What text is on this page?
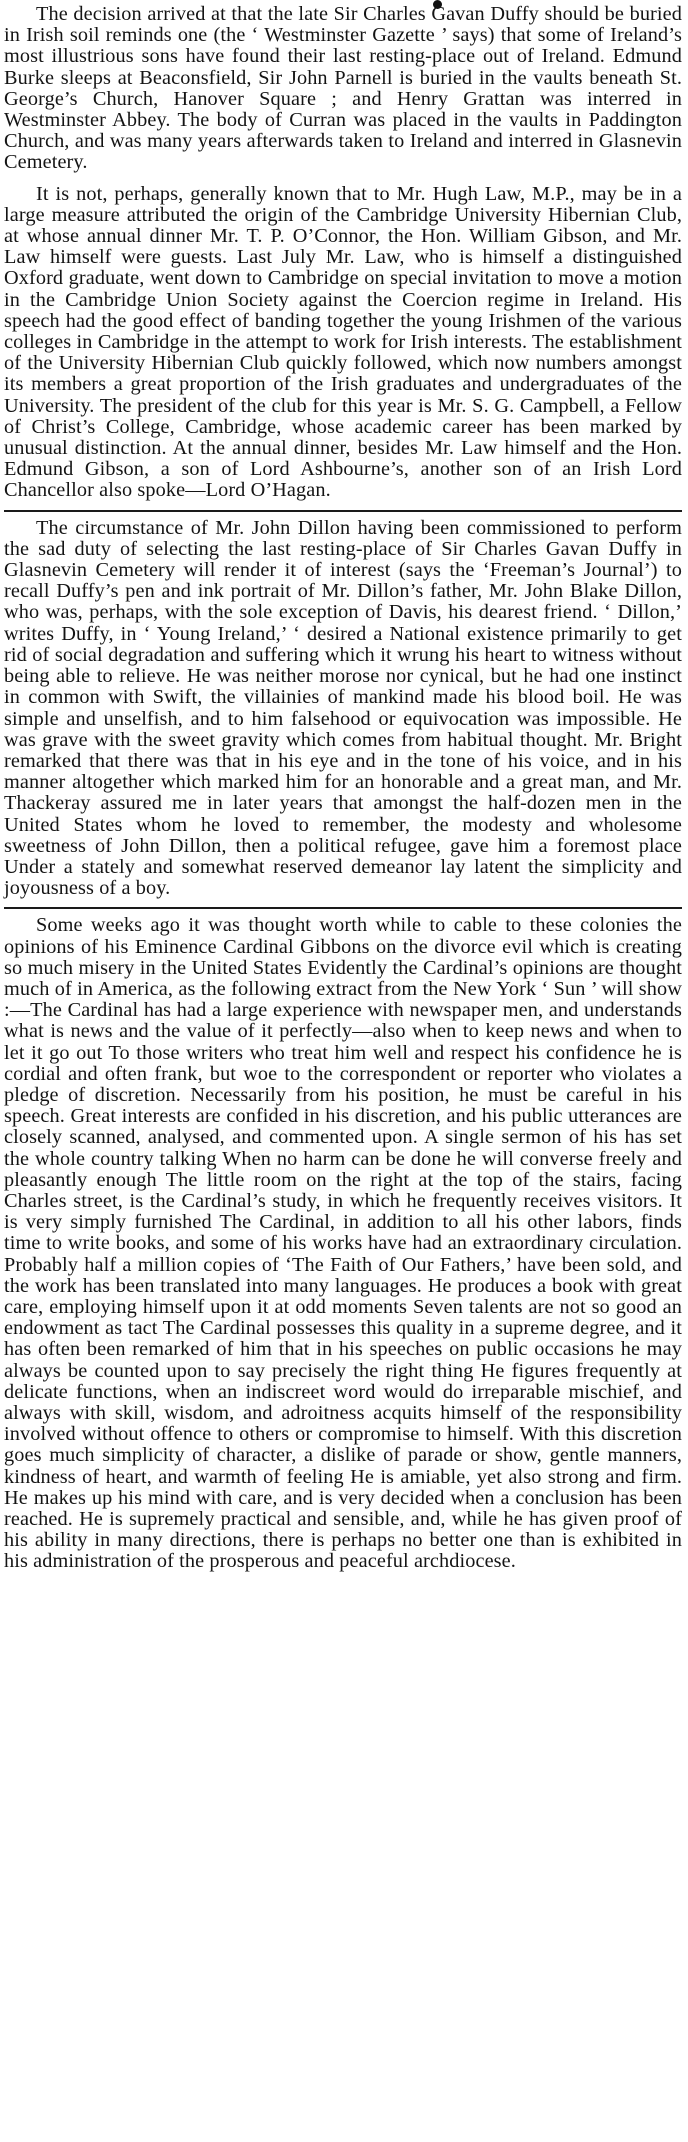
The decision arrived at that the late Sir Charles Gavan Duffy should be buried in Irish soil reminds one (the ‘ Westminster Gazette ’ says) that some of Ireland’s most illustrious sons have found their last resting-place out of Ireland. Edmund Burke sleeps at Beaconsfield, Sir John Parnell is buried in the vaults beneath St. George’s Church, Hanover Square ; and Henry Grattan was interred in Westminster Abbey. The body of Curran was placed in the vaults in Paddington Church, and was many years afterwards taken to Ireland and interred in Glasnevin Cemetery.

It is not, perhaps, generally known that to Mr. Hugh Law, M.P., may be in a large measure attributed the origin of the Cambridge University Hibernian Club, at whose annual dinner Mr. T. P. O’Connor, the Hon. William Gibson, and Mr. Law himself were guests. Last July Mr. Law, who is himself a distinguished Oxford graduate, went down to Cambridge on special invitation to move a motion in the Cambridge Union Society against the Coercion regime in Ireland. His speech had the good effect of banding together the young Irishmen of the various colleges in Cambridge in the attempt to work for Irish interests. The establishment of the University Hibernian Club quickly followed, which now numbers amongst its members a great proportion of the Irish graduates and undergraduates of the University. The president of the club for this year is Mr. S. G. Campbell, a Fellow of Christ’s College, Cambridge, whose academic career has been marked by unusual distinction. At the annual dinner, besides Mr. Law himself and the Hon. Edmund Gibson, a son of Lord Ashbourne’s, another son of an Irish Lord Chancellor also spoke—Lord O’Hagan.

The circumstance of Mr. John Dillon having been commissioned to perform the sad duty of selecting the last resting-place of Sir Charles Gavan Duffy in Glasnevin Cemetery will render it of interest (says the ‘Freeman’s Journal’) to recall Duffy’s pen and ink portrait of Mr. Dillon’s father, Mr. John Blake Dillon, who was, perhaps, with the sole exception of Davis, his dearest friend. ‘ Dillon,’ writes Duffy, in ‘ Young Ireland,’ ‘ desired a National existence primarily to get rid of social degradation and suffering which it wrung his heart to witness without being able to relieve. He was neither morose nor cynical, but he had one instinct in common with Swift, the villainies of mankind made his blood boil. He was simple and unselfish, and to him falsehood or equivocation was impossible. He was grave with the sweet gravity which comes from habitual thought. Mr. Bright remarked that there was that in his eye and in the tone of his voice, and in his manner altogether which marked him for an honorable and a great man, and Mr. Thackeray assured me in later years that amongst the half-dozen men in the United States whom he loved to remember, the modesty and wholesome sweetness of John Dillon, then a political refugee, gave him a foremost place Under a stately and somewhat reserved demeanor lay latent the simplicity and joyousness of a boy.

Some weeks ago it was thought worth while to cable to these colonies the opinions of his Eminence Cardinal Gibbons on the divorce evil which is creating so much misery in the United States Evidently the Cardinal’s opinions are thought much of in America, as the following extract from the New York ‘ Sun ’ will show :—The Cardinal has had a large experience with newspaper men, and understands what is news and the value of it perfectly—also when to keep news and when to let it go out To those writers who treat him well and respect his confidence he is cordial and often frank, but woe to the correspondent or reporter who violates a pledge of discretion. Necessarily from his position, he must be careful in his speech. Great interests are confided in his discretion, and his public utterances are closely scanned, analysed, and commented upon. A single sermon of his has set the whole country talking When no harm can be done he will converse freely and pleasantly enough The little room on the right at the top of the stairs, facing Charles street, is the Cardinal’s study, in which he frequently receives visitors. It is very simply furnished The Cardinal, in addition to all his other labors, finds time to write books, and some of his works have had an extraordinary circulation. Probably half a million copies of ‘The Faith of Our Fathers,’ have been sold, and the work has been translated into many languages. He produces a book with great care, employing himself upon it at odd moments Seven talents are not so good an endowment as tact The Cardinal possesses this quality in a supreme degree, and it has often been remarked of him that in his speeches on public occasions he may always be counted upon to say precisely the right thing He figures frequently at delicate functions, when an indiscreet word would do irreparable mischief, and always with skill, wisdom, and adroitness acquits himself of the responsibility involved without offence to others or compromise to himself. With this discretion goes much simplicity of character, a dislike of parade or show, gentle manners, kindness of heart, and warmth of feeling He is amiable, yet also strong and firm. He makes up his mind with care, and is very decided when a conclusion has been reached. He is supremely practical and sensible, and, while he has given proof of his ability in many directions, there is perhaps no better one than is exhibited in his administration of the prosperous and peaceful archdiocese.
